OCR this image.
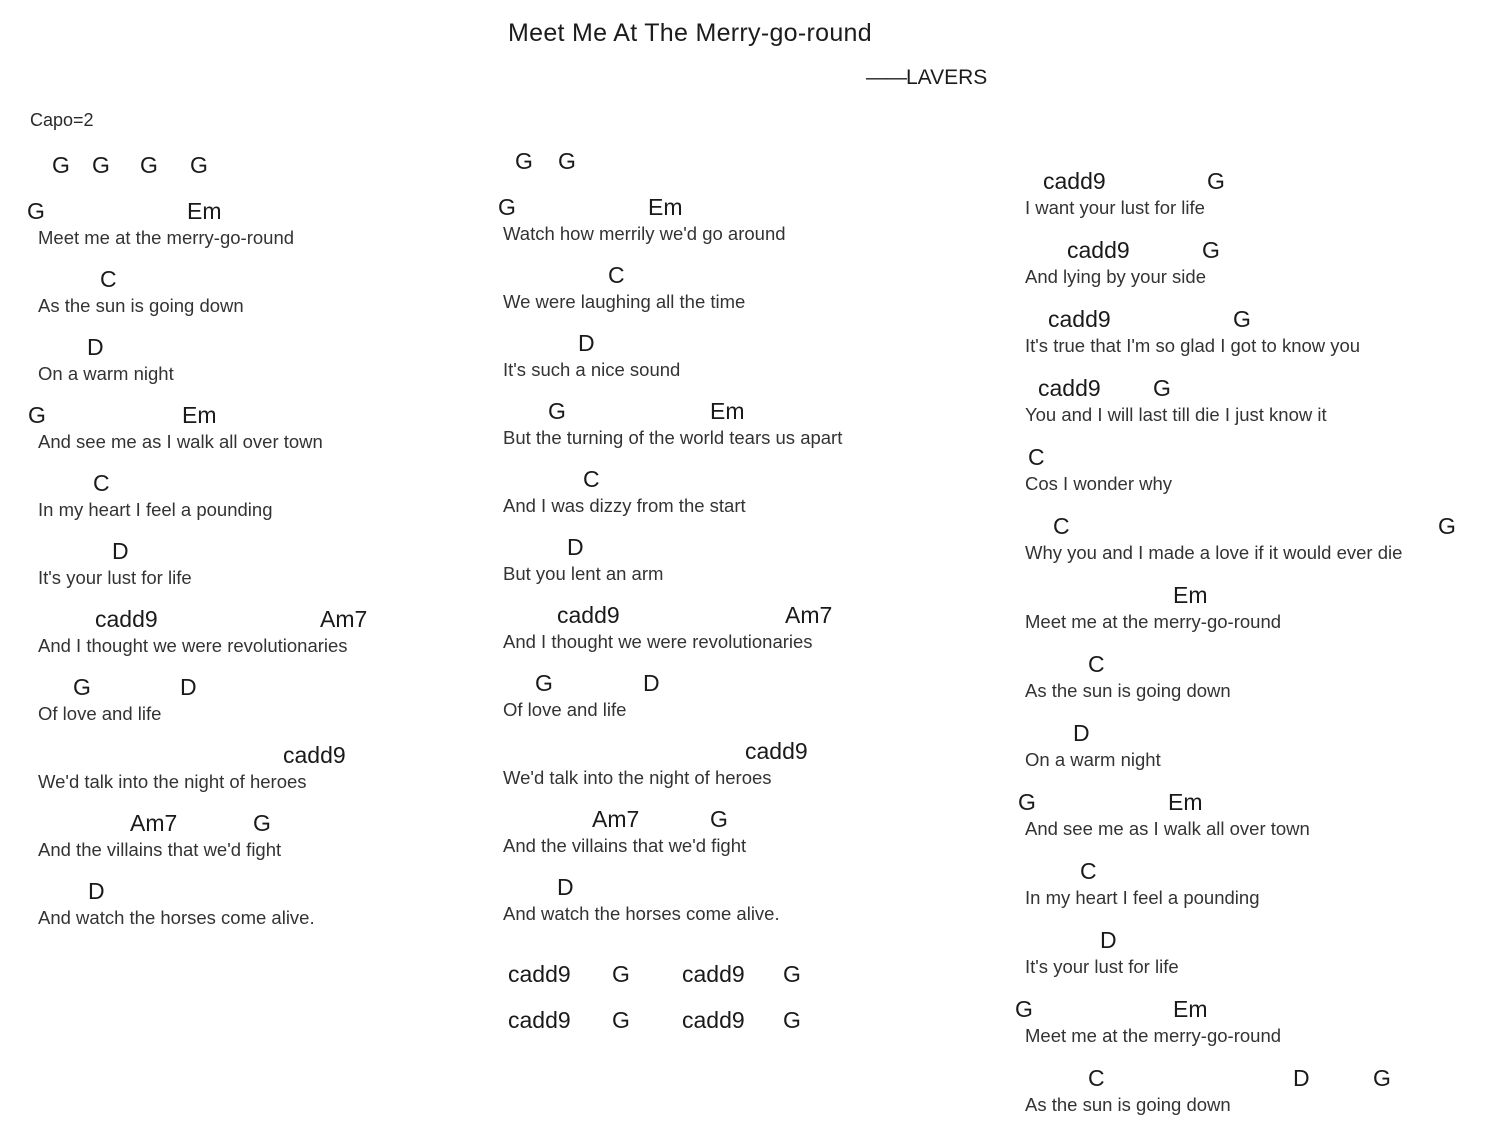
Meet Me At The Merry-go-round
——LAVERS
Capo=2
G G G G
G	Em
Meet me at the merry-go-round
C
As the sun is going down
D
On a warm night
G	Em
And see me as I walk all over town
C
In my heart I feel a pounding
D
It's your lust for life
cadd9	Am7
And I thought we were revolutionaries
G	D
Of love and life
cadd9
We'd talk into the night of heroes
Am7	G
And the villains that we'd fight
D
And watch the horses come alive.
G G
G	Em
Watch how merrily we'd go around
C
We were laughing all the time
D
It's such a nice sound
G	Em
But the turning of the world tears us apart
C
And I was dizzy from the start
D
But you lent an arm
cadd9	Am7
And I thought we were revolutionaries
G	D
Of love and life
cadd9
We'd talk into the night of heroes
Am7	G
And the villains that we'd fight
D
And watch the horses come alive.
cadd9 G cadd9 G
cadd9 G cadd9 G
cadd9	G
I want your lust for life
cadd9	G
And lying by your side
cadd9	G
It's true that I'm so glad I got to know you
cadd9 G
You and I will last till die I just know it
C
Cos I wonder why
C	G
Why you and I made a love if it would ever die
Em
Meet me at the merry-go-round
C
As the sun is going down
D
On a warm night
G	Em
And see me as I walk all over town
C
In my heart I feel a pounding
D
It's your lust for life
G	Em
Meet me at the merry-go-round
C	D	G
As the sun is going down
